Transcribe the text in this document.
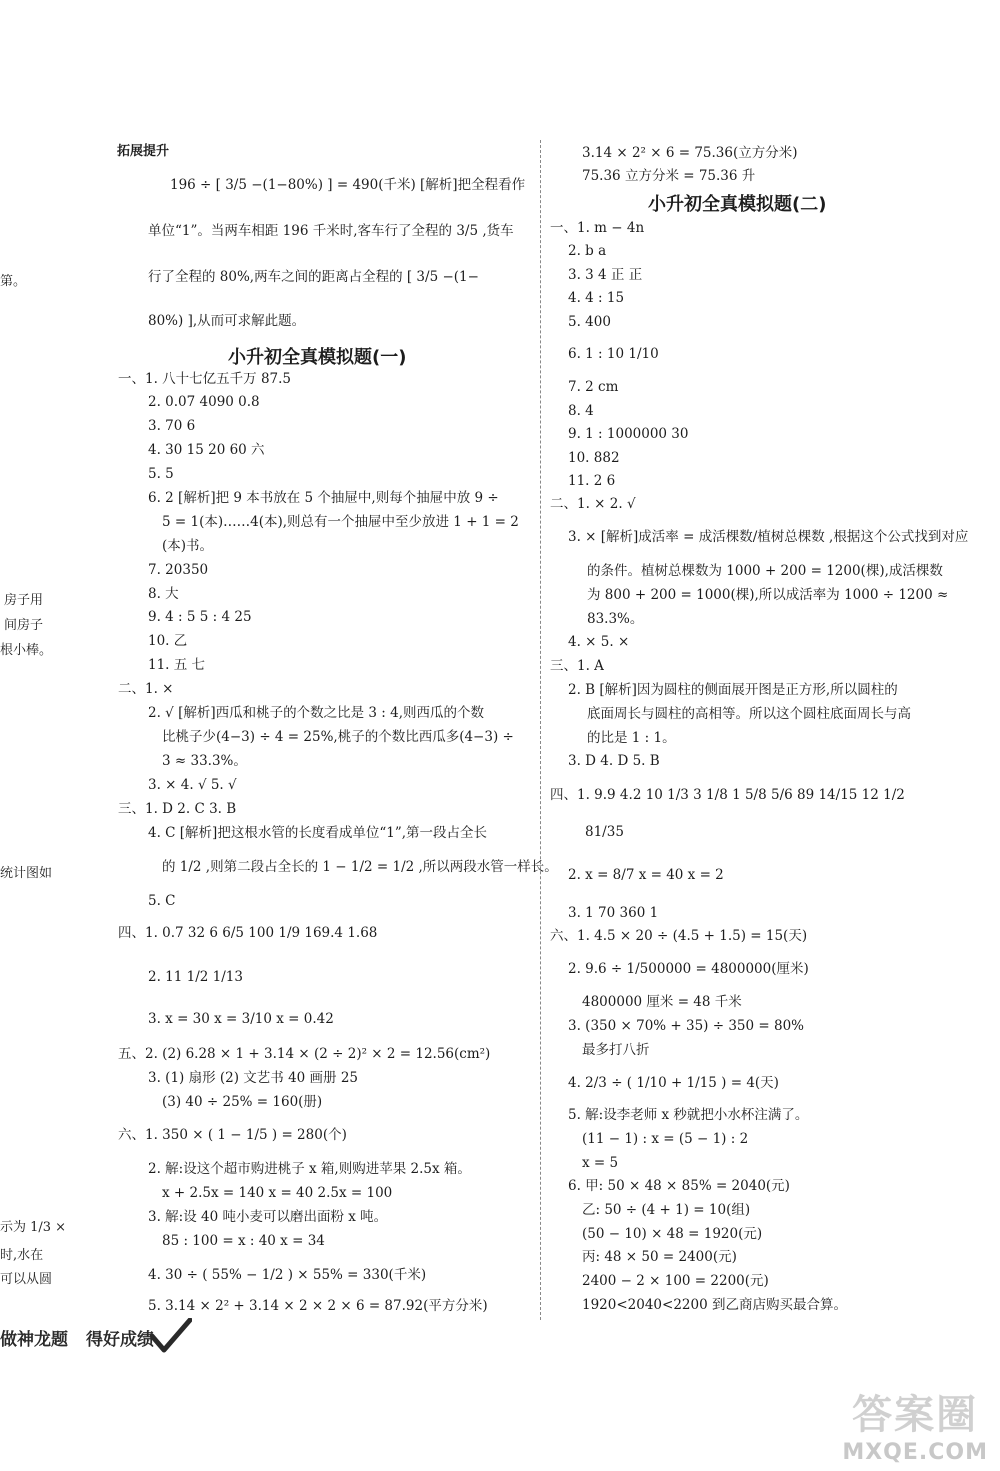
第。
房子用
间房子
根小棒。
统计图如
示为 1/3 ×
时,水在
可以从圆
拓展提升
196 ÷ [ 3/5 −(1−80%) ] = 490(千米) [解析]把全程看作
单位“1”。当两车相距 196 千米时,客车行了全程的 3/5 ,货车
行了全程的 80%,两车之间的距离占全程的 [ 3/5 −(1−
80%) ],从而可求解此题。
小升初全真模拟题(一)
一、1. 八十七亿五千万 87.5
2. 0.07 4090 0.8
3. 70 6
4. 30 15 20 60 六
5. 5
6. 2 [解析]把 9 本书放在 5 个抽屉中,则每个抽屉中放 9 ÷
5 = 1(本)……4(本),则总有一个抽屉中至少放进 1 + 1 = 2
(本)书。
7. 20350
8. 大
9. 4 : 5 5 : 4 25
10. 乙
11. 五 七
二、1. ×
2. √ [解析]西瓜和桃子的个数之比是 3 : 4,则西瓜的个数
比桃子少(4−3) ÷ 4 = 25%,桃子的个数比西瓜多(4−3) ÷
3 ≈ 33.3%。
3. × 4. √ 5. √
三、1. D 2. C 3. B
4. C [解析]把这根水管的长度看成单位“1”,第一段占全长
的 1/2 ,则第二段占全长的 1 − 1/2 = 1/2 ,所以两段水管一样长。
5. C
四、1. 0.7 32 6 6/5 100 1/9 169.4 1.68
2. 11 1/2 1/13
3. x = 30 x = 3/10 x = 0.42
五、2. (2) 6.28 × 1 + 3.14 × (2 ÷ 2)² × 2 = 12.56(cm²)
3. (1) 扇形 (2) 文艺书 40 画册 25
(3) 40 ÷ 25% = 160(册)
六、1. 350 × ( 1 − 1/5 ) = 280(个)
2. 解:设这个超市购进桃子 x 箱,则购进苹果 2.5x 箱。
x + 2.5x = 140 x = 40 2.5x = 100
3. 解:设 40 吨小麦可以磨出面粉 x 吨。
85 : 100 = x : 40 x = 34
4. 30 ÷ ( 55% − 1/2 ) × 55% = 330(千米)
5. 3.14 × 2² + 3.14 × 2 × 2 × 6 = 87.92(平方分米)
3.14 × 2² × 6 = 75.36(立方分米)
75.36 立方分米 = 75.36 升
小升初全真模拟题(二)
一、1. m − 4n
2. b a
3. 3 4 正 正
4. 4 : 15
5. 400
6. 1 : 10 1/10
7. 2 cm
8. 4
9. 1 : 1000000 30
10. 882
11. 2 6
二、1. × 2. √
3. × [解析]成活率 = 成活棵数/植树总棵数 ,根据这个公式找到对应
的条件。植树总棵数为 1000 + 200 = 1200(棵),成活棵数
为 800 + 200 = 1000(棵),所以成活率为 1000 ÷ 1200 ≈
83.3%。
4. × 5. ×
三、1. A
2. B [解析]因为圆柱的侧面展开图是正方形,所以圆柱的
底面周长与圆柱的高相等。所以这个圆柱底面周长与高
的比是 1 : 1。
3. D 4. D 5. B
四、1. 9.9 4.2 10 1/3 3 1/8 1 5/8 5/6 89 14/15 12 1/2
81/35
2. x = 8/7 x = 40 x = 2
3. 1 70 360 1
六、1. 4.5 × 20 ÷ (4.5 + 1.5) = 15(天)
2. 9.6 ÷ 1/500000 = 4800000(厘米)
4800000 厘米 = 48 千米
3. (350 × 70% + 35) ÷ 350 = 80%
最多打八折
4. 2/3 ÷ ( 1/10 + 1/15 ) = 4(天)
5. 解:设李老师 x 秒就把小水杯注满了。
(11 − 1) : x = (5 − 1) : 2
x = 5
6. 甲: 50 × 48 × 85% = 2040(元)
乙: 50 ÷ (4 + 1) = 10(组)
(50 − 10) × 48 = 1920(元)
丙: 48 × 50 = 2400(元)
2400 − 2 × 100 = 2200(元)
1920<2040<2200 到乙商店购买最合算。
做神龙题 得好成绩
答案圈
MXQE.COM
